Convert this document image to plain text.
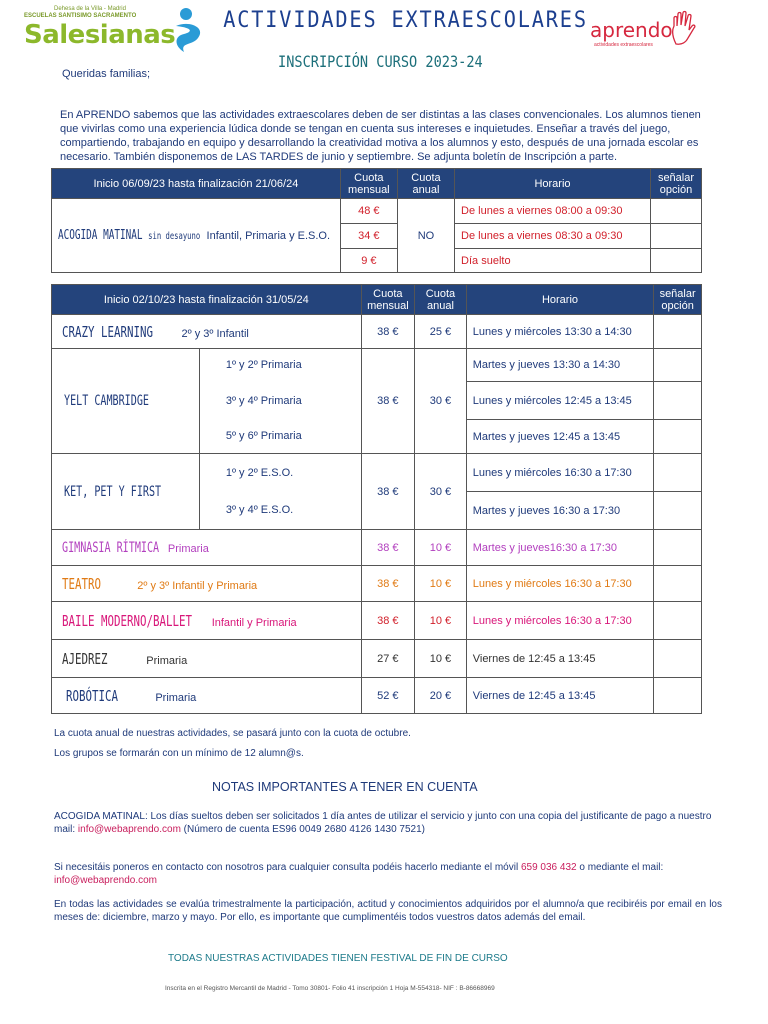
Dehesa de la Villa - Madrid
ESCUELAS SANTISIMO SACRAMENTO
Salesianas ACTIVIDADES EXTRAESCOLARES
INSCRIPCIÓN CURSO 2023-24
aprendo
actividades extraescolares
Queridas familias;
En APRENDO sabemos que las actividades extraescolares deben de ser distintas a las clases convencionales. Los alumnos tienen que vivirlas como una experiencia lúdica donde se tengan en cuenta sus intereses e inquietudes. Enseñar a través del juego, compartiendo, trabajando en equipo y desarrollando la creatividad motiva a los alumnos y esto, después de una jornada escolar es necesario. También disponemos de LAS TARDES de junio y septiembre. Se adjunta boletín de Inscripción a parte.
Inicio 06/09/23 hasta finalización 21/06/24	Cuota mensual	Cuota anual	Horario	señalar opción
ACOGIDA MATINAL sin desayuno Infantil, Primaria y E.S.O.	48 €	NO	De lunes a viernes 08:00 a 09:30	
	34 €		De lunes a viernes 08:30 a 09:30	
	9 €		Día suelto	
Inicio 02/10/23 hasta finalización 31/05/24		Cuota mensual	Cuota anual	Horario	señalar opción
CRAZY LEARNING 2º y 3º Infantil		38 €	25 €	Lunes y miércoles 13:30 a 14:30	
YELT CAMBRIDGE	1º y 2º Primaria	38 €	30 €	Martes y jueves 13:30 a 14:30	
	3º y 4º Primaria			Lunes y miércoles 12:45 a 13:45	
	5º y 6º Primaria			Martes y jueves 12:45 a 13:45	
KET, PET Y FIRST	1º y 2º E.S.O.	38 €	30 €	Lunes y miércoles 16:30 a 17:30	
	3º y 4º E.S.O.			Martes y jueves 16:30 a 17:30	
GIMNASIA RÍTMICA Primaria		38 €	10 €	Martes y jueves16:30 a 17:30	
TEATRO 2º y 3º Infantil y Primaria		38 €	10 €	Lunes y miércoles 16:30 a 17:30	
BAILE MODERNO/BALLET Infantil y Primaria		38 €	10 €	Lunes y miércoles 16:30 a 17:30	
AJEDREZ Primaria		27 €	10 €	Viernes de 12:45 a 13:45	
ROBÓTICA Primaria		52 €	20 €	Viernes de 12:45 a 13:45	
La cuota anual de nuestras actividades, se pasará junto con la cuota de octubre.
Los grupos se formarán con un mínimo de 12 alumn@s.
NOTAS IMPORTANTES A TENER EN CUENTA
ACOGIDA MATINAL: Los días sueltos deben ser solicitados 1 día antes de utilizar el servicio y junto con una copia del justificante de pago a nuestro mail: info@webaprendo.com (Número de cuenta ES96 0049 2680 4126 1430 7521)
Si necesitáis poneros en contacto con nosotros para cualquier consulta podéis hacerlo mediante el móvil 659 036 432 o mediante el mail: info@webaprendo.com
En todas las actividades se evalúa trimestralmente la participación, actitud y conocimientos adquiridos por el alumno/a que recibiréis por email en los meses de: diciembre, marzo y mayo. Por ello, es importante que cumplimentéis todos vuestros datos además del email.
TODAS NUESTRAS ACTIVIDADES TIENEN FESTIVAL DE FIN DE CURSO
Inscrita en el Registro Mercantil de Madrid - Tomo 30801- Folio 41 inscripción 1 Hoja M-554318- NIF : B-86668969
